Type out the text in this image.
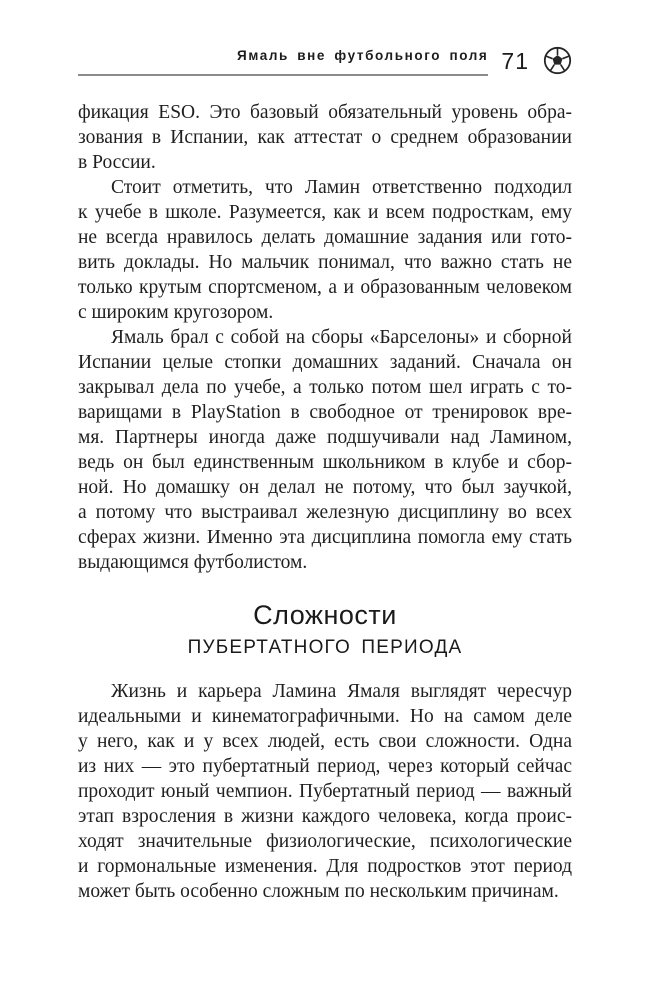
Ямаль вне футбольного поля 71
фикация ESO. Это базовый обязательный уровень обра-
зования в Испании, как аттестат о среднем образовании
в России.
Стоит отметить, что Ламин ответственно подходил
к учебе в школе. Разумеется, как и всем подросткам, ему
не всегда нравилось делать домашние задания или гото-
вить доклады. Но мальчик понимал, что важно стать не
только крутым спортсменом, а и образованным человеком
с широким кругозором.
Ямаль брал с собой на сборы «Барселоны» и сборной
Испании целые стопки домашних заданий. Сначала он
закрывал дела по учебе, а только потом шел играть с то-
варищами в PlayStation в свободное от тренировок вре-
мя. Партнеры иногда даже подшучивали над Ламином,
ведь он был единственным школьником в клубе и сбор-
ной. Но домашку он делал не потому, что был заучкой,
а потому что выстраивал железную дисциплину во всех
сферах жизни. Именно эта дисциплина помогла ему стать
выдающимся футболистом.
Сложности
ПУБЕРТАТНОГО ПЕРИОДА
Жизнь и карьера Ламина Ямаля выглядят чересчур
идеальными и кинематографичными. Но на самом деле
у него, как и у всех людей, есть свои сложности. Одна
из них — это пубертатный период, через который сейчас
проходит юный чемпион. Пубертатный период — важный
этап взросления в жизни каждого человека, когда проис-
ходят значительные физиологические, психологические
и гормональные изменения. Для подростков этот период
может быть особенно сложным по нескольким причинам.
